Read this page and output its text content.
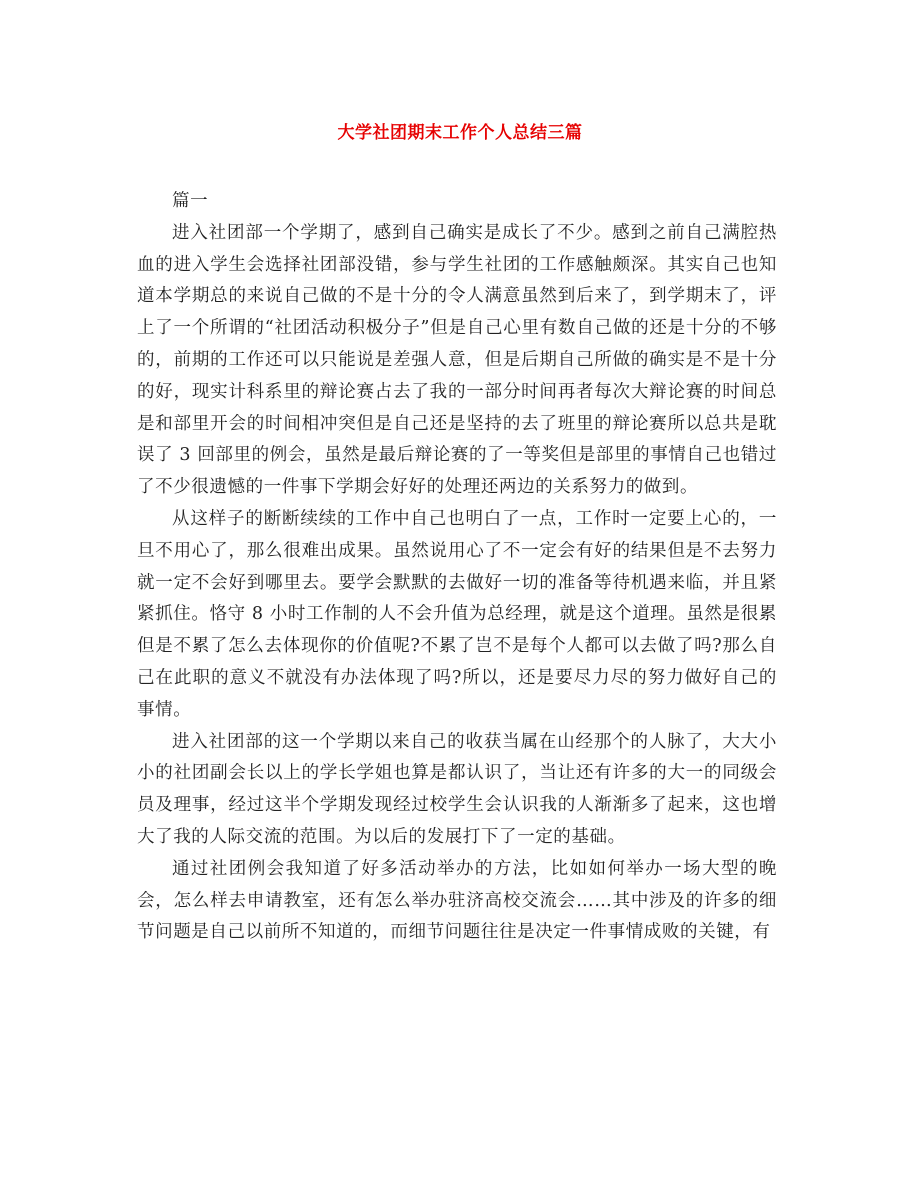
大学社团期末工作个人总结三篇
篇一

进入社团部一个学期了，感到自己确实是成长了不少。感到之前自己满腔热血的进入学生会选择社团部没错，参与学生社团的工作感触颇深。其实自己也知道本学期总的来说自己做的不是十分的令人满意虽然到后来了，到学期末了，评上了一个所谓的“社团活动积极分子”但是自己心里有数自己做的还是十分的不够的，前期的工作还可以只能说是差强人意，但是后期自己所做的确实是不是十分的好，现实计科系里的辩论赛占去了我的一部分时间再者每次大辩论赛的时间总是和部里开会的时间相冲突但是自己还是坚持的去了班里的辩论赛所以总共是耽误了 3 回部里的例会，虽然是最后辩论赛的了一等奖但是部里的事情自己也错过了不少很遗憾的一件事下学期会好好的处理还两边的关系努力的做到。

从这样子的断断续续的工作中自己也明白了一点，工作时一定要上心的，一旦不用心了，那么很难出成果。虽然说用心了不一定会有好的结果但是不去努力就一定不会好到哪里去。要学会默默的去做好一切的准备等待机遇来临，并且紧紧抓住。恪守 8 小时工作制的人不会升值为总经理，就是这个道理。虽然是很累但是不累了怎么去体现你的价值呢?不累了岂不是每个人都可以去做了吗?那么自己在此职的意义不就没有办法体现了吗?所以，还是要尽力尽的努力做好自己的事情。

进入社团部的这一个学期以来自己的收获当属在山经那个的人脉了，大大小小的社团副会长以上的学长学姐也算是都认识了，当让还有许多的大一的同级会员及理事，经过这半个学期发现经过校学生会认识我的人渐渐多了起来，这也增大了我的人际交流的范围。为以后的发展打下了一定的基础。

通过社团例会我知道了好多活动举办的方法，比如如何举办一场大型的晚会，怎么样去申请教室，还有怎么举办驻济高校交流会……其中涉及的许多的细节问题是自己以前所不知道的，而细节问题往往是决定一件事情成败的关键，有
